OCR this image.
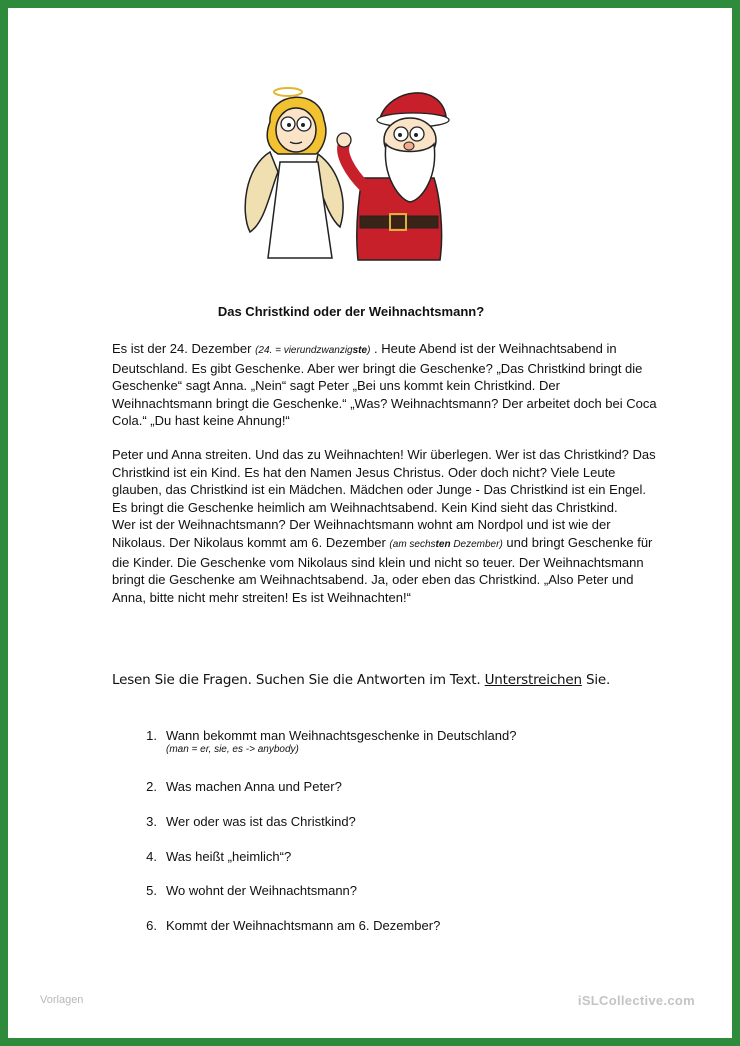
Das Christkind oder der Weihnachtsmann?

Es ist der 24. Dezember (24. = vierundzwanzigste) . Heute Abend ist der Weihnachtsabend in Deutschland. Es gibt Geschenke. Aber wer bringt die Geschenke? „Das Christkind bringt die Geschenke“ sagt Anna. „Nein“ sagt Peter „Bei uns kommt kein Christkind. Der Weihnachtsmann bringt die Geschenke.“ „Was? Weihnachtsmann? Der arbeitet doch bei Coca Cola.“ „Du hast keine Ahnung!“

Peter und Anna streiten. Und das zu Weihnachten! Wir überlegen. Wer ist das Christkind? Das Christkind ist ein Kind. Es hat den Namen Jesus Christus. Oder doch nicht? Viele Leute glauben, das Christkind ist ein Mädchen. Mädchen oder Junge - Das Christkind ist ein Engel. Es bringt die Geschenke heimlich am Weihnachtsabend. Kein Kind sieht das Christkind.
Wer ist der Weihnachtsmann? Der Weihnachtsmann wohnt am Nordpol und ist wie der Nikolaus. Der Nikolaus kommt am 6. Dezember (am sechsten Dezember) und bringt Geschenke für die Kinder. Die Geschenke vom Nikolaus sind klein und nicht so teuer. Der Weihnachtsmann bringt die Geschenke am Weihnachtsabend. Ja, oder eben das Christkind. „Also Peter und Anna, bitte nicht mehr streiten! Es ist Weihnachten!“

Lesen Sie die Fragen. Suchen Sie die Antworten im Text. Unterstreichen Sie.
1. Wann bekommt man Weihnachtsgeschenke in Deutschland?
(man = er, sie, es -> anybody)
2. Was machen Anna und Peter?
3. Wer oder was ist das Christkind?
4. Was heißt „heimlich“?
5. Wo wohnt der Weihnachtsmann?
6. Kommt der Weihnachtsmann am 6. Dezember?
Vorlagen	iSLCollective.com
